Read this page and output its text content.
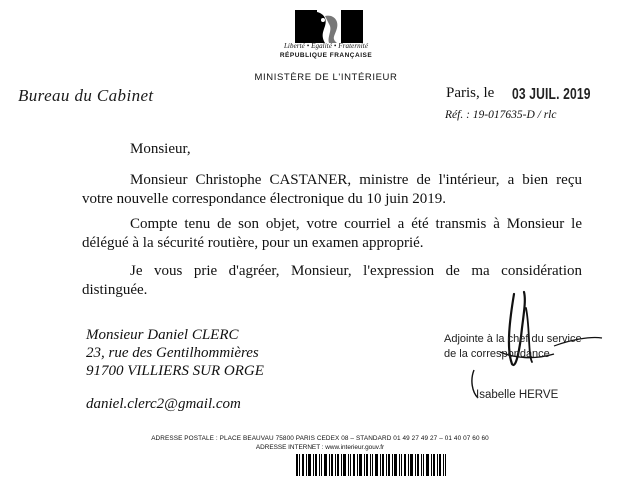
Liberté • Égalité • Fraternité
RÉPUBLIQUE FRANÇAISE
MINISTÈRE DE L'INTÉRIEUR
Bureau du Cabinet	Paris, le 03 JUIL. 2019
Réf. : 19-017635-D / rlc
Monsieur,
Monsieur Christophe CASTANER, ministre de l'intérieur, a bien reçu votre nouvelle correspondance électronique du 10 juin 2019.
Compte tenu de son objet, votre courriel a été transmis à Monsieur le délégué à la sécurité routière, pour un examen approprié.
Je vous prie d'agréer, Monsieur, l'expression de ma considération distinguée.
Monsieur Daniel CLERC
23, rue des Gentilhommières
91700 VILLIERS SUR ORGE
daniel.clerc2@gmail.com
Adjointe à la chef du service
de la correspondance
Isabelle HERVE
ADRESSE POSTALE : PLACE BEAUVAU 75800 PARIS CEDEX 08 – STANDARD 01 49 27 49 27 – 01 40 07 60 60
ADRESSE INTERNET : www.interieur.gouv.fr
